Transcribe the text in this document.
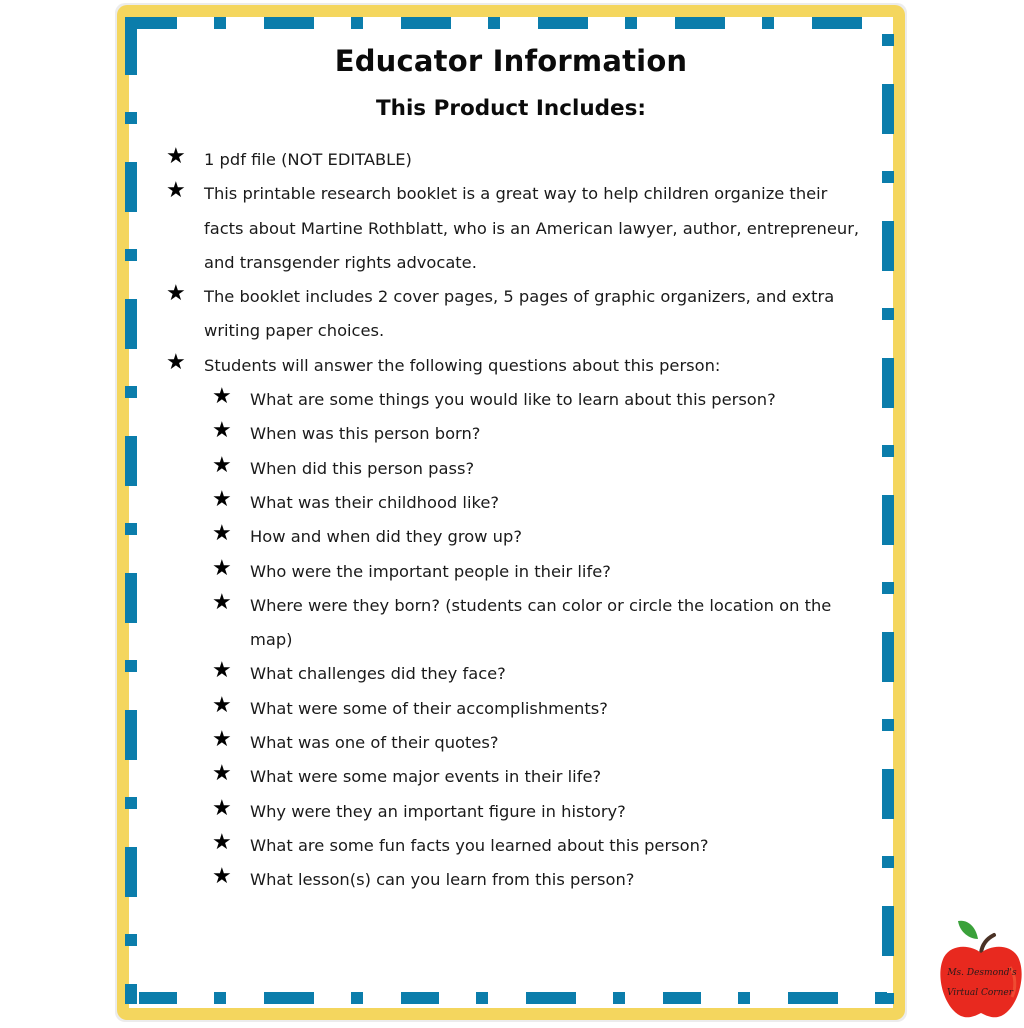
Educator Information
This Product Includes:
★ 1 pdf file (NOT EDITABLE)
★ This printable research booklet is a great way to help children organize their facts about Martine Rothblatt, who is an American lawyer, author, entrepreneur, and transgender rights advocate.
★ The booklet includes 2 cover pages, 5 pages of graphic organizers, and extra writing paper choices.
★ Students will answer the following questions about this person:
★ What are some things you would like to learn about this person?
★ When was this person born?
★ When did this person pass?
★ What was their childhood like?
★ How and when did they grow up?
★ Who were the important people in their life?
★ Where were they born? (students can color or circle the location on the map)
★ What challenges did they face?
★ What were some of their accomplishments?
★ What was one of their quotes?
★ What were some major events in their life?
★ Why were they an important figure in history?
★ What are some fun facts you learned about this person?
★ What lesson(s) can you learn from this person?
Ms. Desmond's
Virtual Corner
